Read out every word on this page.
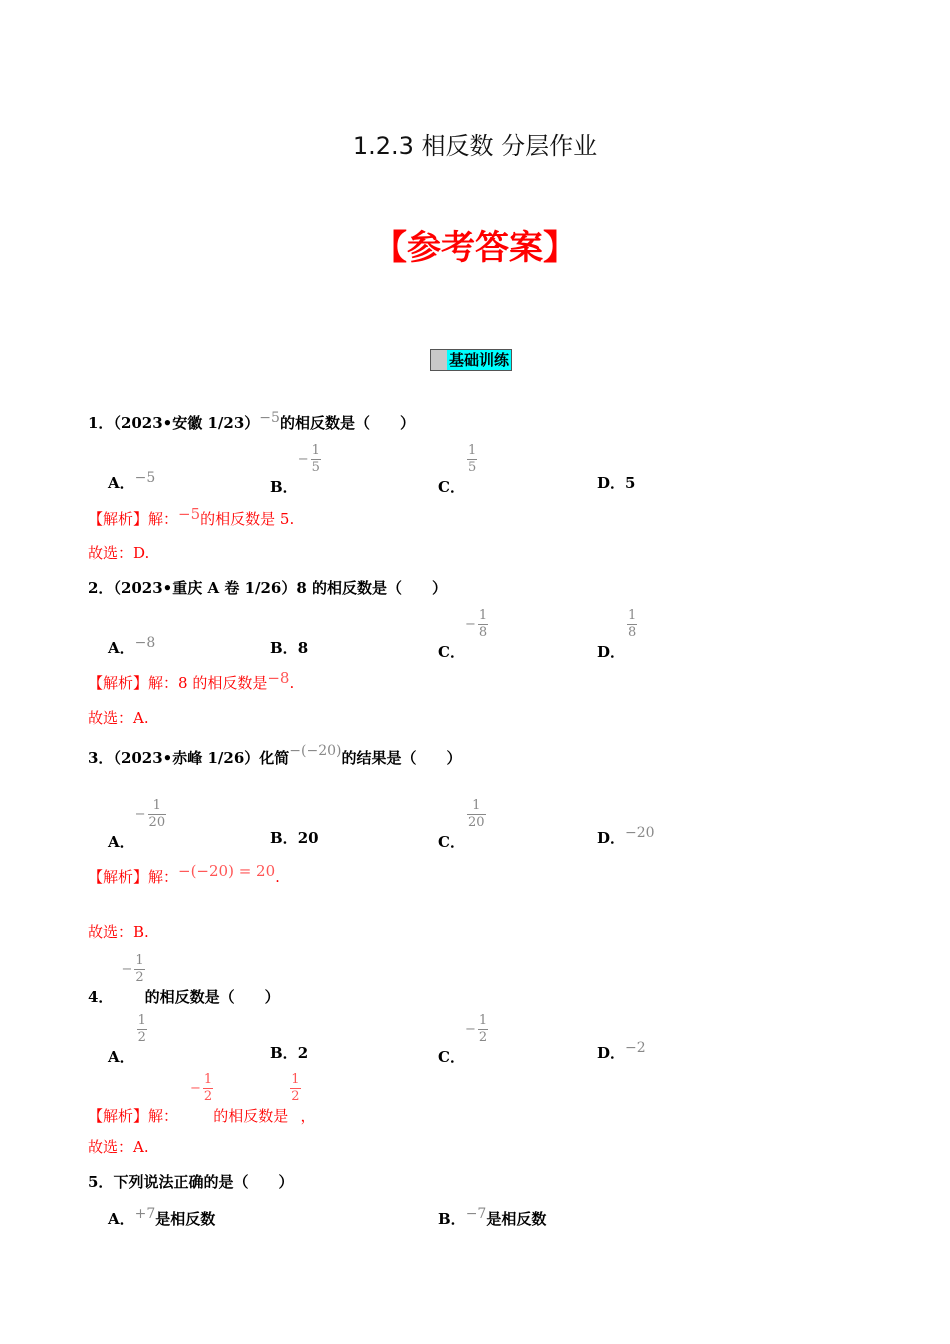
1.2.3 相反数 分层作业
【参考答案】
基础训练
1．（2023•安徽 1/23）−5的相反数是（　　）
A．−5	B．
− $\frac{1}{5}$
C．
$\frac{1}{5}$
D．5
【解析】解：−5的相反数是 5.
故选：D.
2．（2023•重庆 A 卷 1/26）8 的相反数是（　　）
A．−8	B．8	C．
− $\frac{1}{8}$
D．
$\frac{1}{8}$
【解析】解：8 的相反数是−8.
故选：A.
3．（2023•赤峰 1/26）化简−(−20)的结果是（　　）
A．
− $\frac{1}{20}$
B．20	C．
$\frac{1}{20}$
D．−20
【解析】解：−(−20) = 20.
故选：B.
4．
− $\frac{1}{2}$
的相反数是（　　）
A．
$\frac{1}{2}$
B．2	C．
− $\frac{1}{2}$
D．−2
【解析】解：
− $\frac{1}{2}$
的相反数是
$\frac{1}{2}$
，
故选：A.
5．下列说法正确的是（　　）
A．+7是相反数	B．−7是相反数
